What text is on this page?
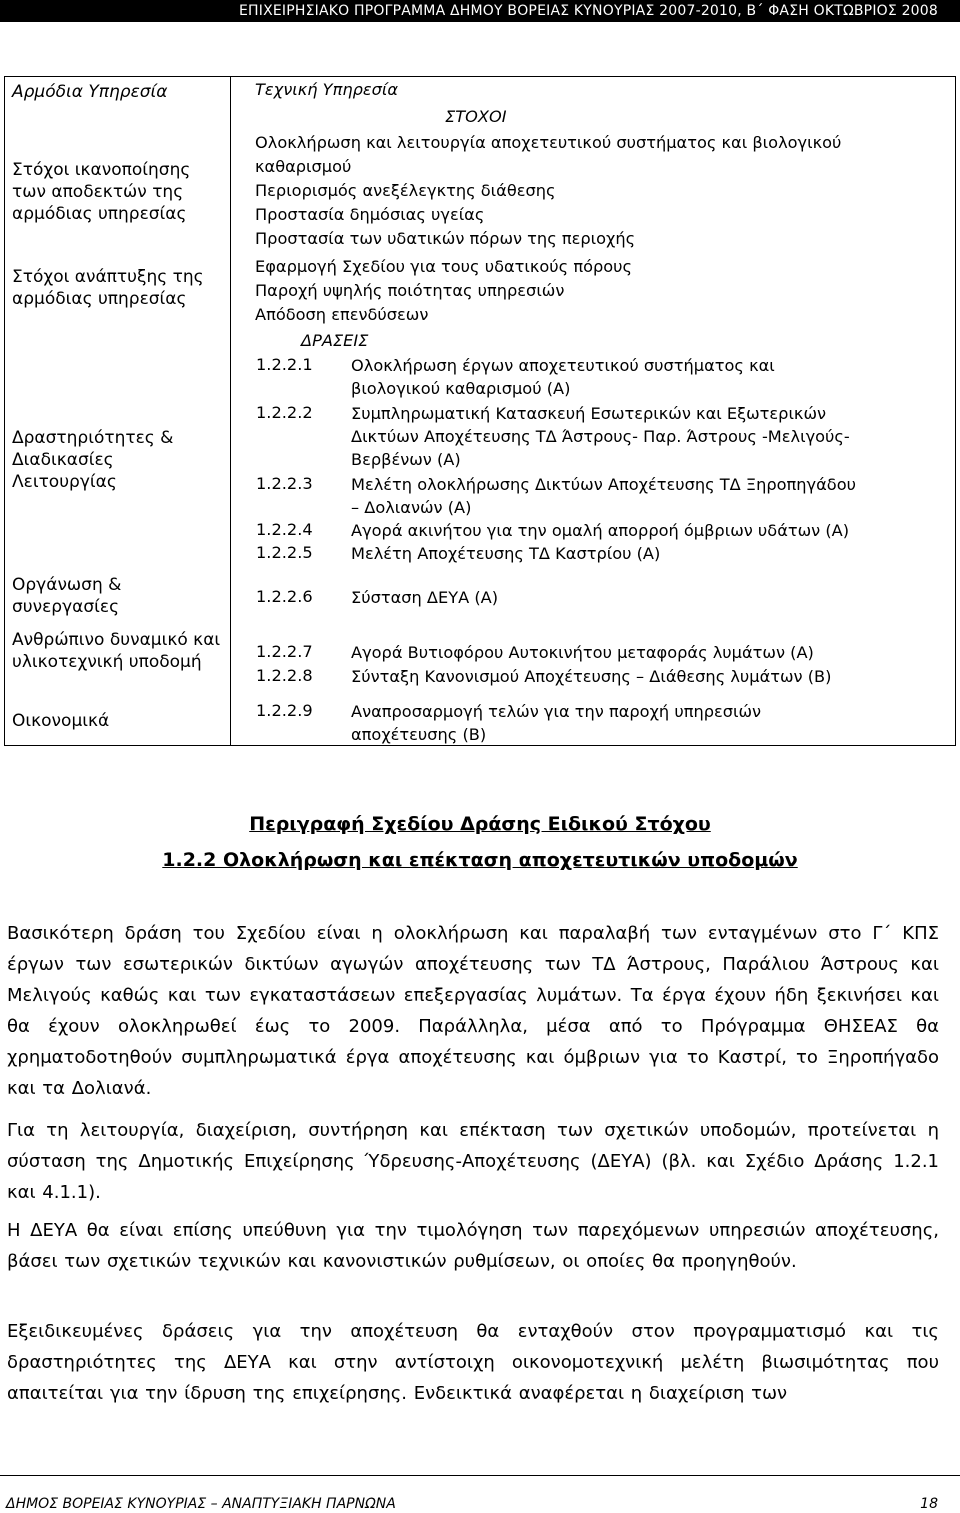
ΕΠΙΧΕΙΡΗΣΙΑΚΟ ΠΡΟΓΡΑΜΜΑ ΔΗΜΟΥ ΒΟΡΕΙΑΣ ΚΥΝΟΥΡΙΑΣ 2007-2010, Β΄ ΦΑΣΗ ΟΚΤΩΒΡΙΟΣ 2008
Αρμόδια Υπηρεσία
Στόχοι ικανοποίησης των αποδεκτών της αρμόδιας υπηρεσίας
Στόχοι ανάπτυξης της αρμόδιας υπηρεσίας
Δραστηριότητες & Διαδικασίες Λειτουργίας
Οργάνωση & συνεργασίες
Ανθρώπινο δυναμικό και υλικοτεχνική υποδομή
Οικονομικά
Τεχνική Υπηρεσία
ΣΤΟΧΟΙ
Ολοκλήρωση και λειτουργία αποχετευτικού συστήματος και βιολογικού
καθαρισμού
Περιορισμός ανεξέλεγκτης διάθεσης
Προστασία δημόσιας υγείας
Προστασία των υδατικών πόρων της περιοχής
Εφαρμογή Σχεδίου για τους υδατικούς πόρους
Παροχή υψηλής ποιότητας υπηρεσιών
Απόδοση επενδύσεων
ΔΡΑΣΕΙΣ
1.2.2.1 Ολοκλήρωση έργων αποχετευτικού συστήματος και
βιολογικού καθαρισμού (Α)
1.2.2.2 Συμπληρωματική Κατασκευή Εσωτερικών και Εξωτερικών
Δικτύων Αποχέτευσης ΤΔ Άστρους- Παρ. Άστρους -Μελιγούς-
Βερβένων (Α)
1.2.2.3 Μελέτη ολοκλήρωσης Δικτύων Αποχέτευσης ΤΔ Ξηροπηγάδου
– Δολιανών (Α)
1.2.2.4 Αγορά ακινήτου για την ομαλή απορροή όμβριων υδάτων (Α)
1.2.2.5 Μελέτη Αποχέτευσης ΤΔ Καστρίου (Α)
1.2.2.6 Σύσταση ΔΕΥΑ (Α)
1.2.2.7 Αγορά Βυτιοφόρου Αυτοκινήτου μεταφοράς λυμάτων (Α)
1.2.2.8 Σύνταξη Κανονισμού Αποχέτευσης – Διάθεσης λυμάτων (Β)
1.2.2.9 Αναπροσαρμογή τελών για την παροχή υπηρεσιών
αποχέτευσης (Β)
Περιγραφή Σχεδίου Δράσης Ειδικού Στόχου
1.2.2 Ολοκλήρωση και επέκταση αποχετευτικών υποδομών
Βασικότερη δράση του Σχεδίου είναι η ολοκλήρωση και παραλαβή των ενταγμένων στο Γ΄ ΚΠΣ έργων των εσωτερικών δικτύων αγωγών αποχέτευσης των ΤΔ Άστρους, Παράλιου Άστρους και Μελιγούς καθώς και των εγκαταστάσεων επεξεργασίας λυμάτων. Τα έργα έχουν ήδη ξεκινήσει και θα έχουν ολοκληρωθεί έως το 2009. Παράλληλα, μέσα από το Πρόγραμμα ΘΗΣΕΑΣ θα χρηματοδοτηθούν συμπληρωματικά έργα αποχέτευσης και όμβριων για το Καστρί, το Ξηροπήγαδο και τα Δολιανά.
Για τη λειτουργία, διαχείριση, συντήρηση και επέκταση των σχετικών υποδομών, προτείνεται η σύσταση της Δημοτικής Επιχείρησης Ύδρευσης-Αποχέτευσης (ΔΕΥΑ) (βλ. και Σχέδιο Δράσης 1.2.1 και 4.1.1).
Η ΔΕΥΑ θα είναι επίσης υπεύθυνη για την τιμολόγηση των παρεχόμενων υπηρεσιών αποχέτευσης, βάσει των σχετικών τεχνικών και κανονιστικών ρυθμίσεων, οι οποίες θα προηγηθούν.
Εξειδικευμένες δράσεις για την αποχέτευση θα ενταχθούν στον προγραμματισμό και τις δραστηριότητες της ΔΕΥΑ και στην αντίστοιχη οικονομοτεχνική μελέτη βιωσιμότητας που απαιτείται για την ίδρυση της επιχείρησης. Ενδεικτικά αναφέρεται η διαχείριση των
ΔΗΜΟΣ ΒΟΡΕΙΑΣ ΚΥΝΟΥΡΙΑΣ – ΑΝΑΠΤΥΞΙΑΚΗ ΠΑΡΝΩΝΑ	18
